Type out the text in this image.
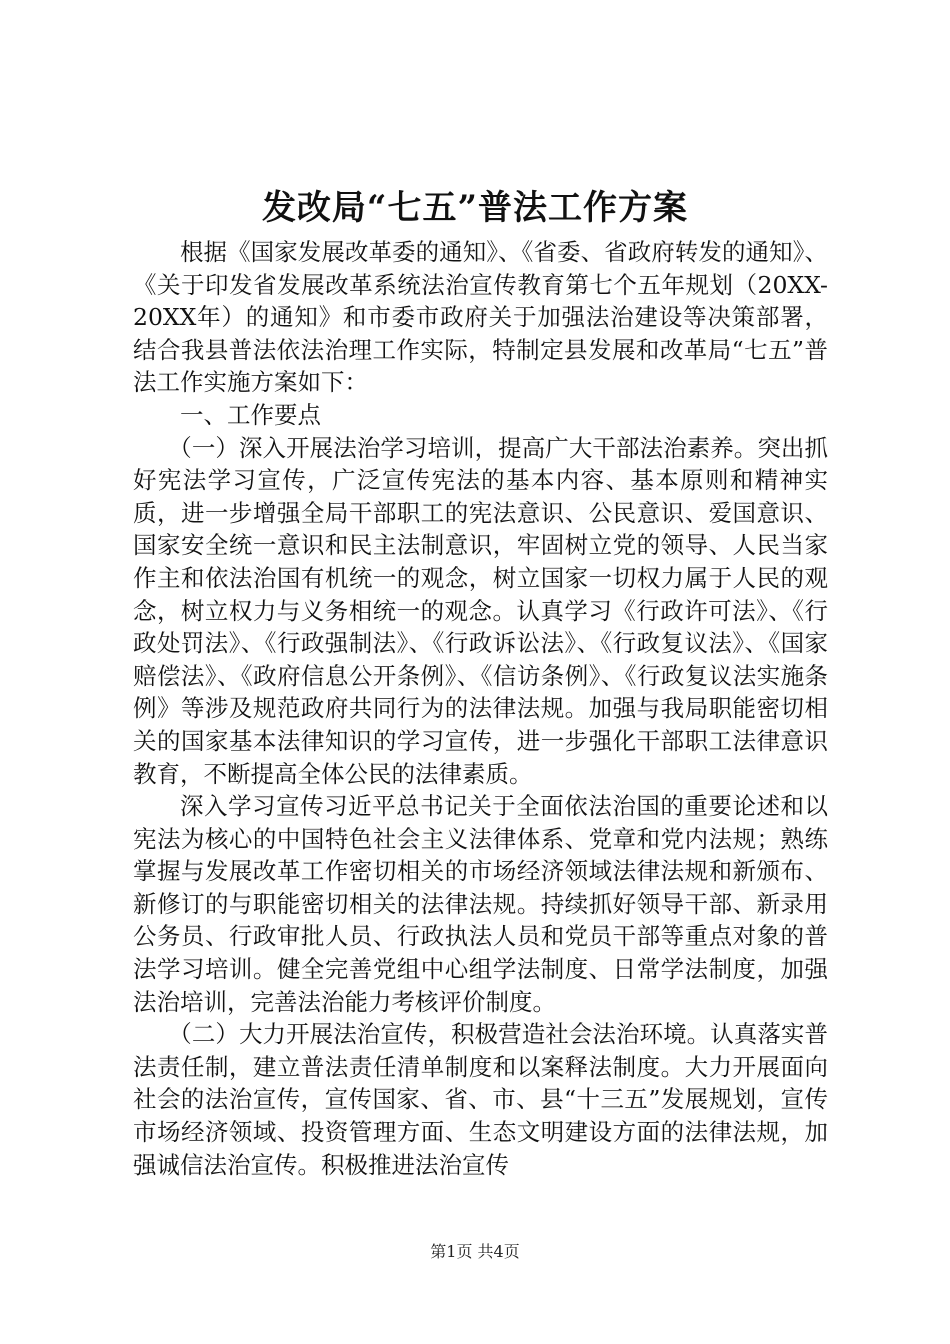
发改局“七五”普法工作方案

根据《国家发展改革委的通知》、《省委、省政府转发的通知》、《关于印发省发展改革系统法治宣传教育第七个五年规划（20XX-20XX年）的通知》和市委市政府关于加强法治建设等决策部署，结合我县普法依法治理工作实际，特制定县发展和改革局“七五”普法工作实施方案如下：

一、工作要点

（一）深入开展法治学习培训，提高广大干部法治素养。突出抓好宪法学习宣传，广泛宣传宪法的基本内容、基本原则和精神实质，进一步增强全局干部职工的宪法意识、公民意识、爱国意识、国家安全统一意识和民主法制意识，牢固树立党的领导、人民当家作主和依法治国有机统一的观念，树立国家一切权力属于人民的观念，树立权力与义务相统一的观念。认真学习《行政许可法》、《行政处罚法》、《行政强制法》、《行政诉讼法》、《行政复议法》、《国家赔偿法》、《政府信息公开条例》、《信访条例》、《行政复议法实施条例》等涉及规范政府共同行为的法律法规。加强与我局职能密切相关的国家基本法律知识的学习宣传，进一步强化干部职工法律意识教育，不断提高全体公民的法律素质。

深入学习宣传习近平总书记关于全面依法治国的重要论述和以宪法为核心的中国特色社会主义法律体系、党章和党内法规；熟练掌握与发展改革工作密切相关的市场经济领域法律法规和新颁布、新修订的与职能密切相关的法律法规。持续抓好领导干部、新录用公务员、行政审批人员、行政执法人员和党员干部等重点对象的普法学习培训。健全完善党组中心组学法制度、日常学法制度，加强法治培训，完善法治能力考核评价制度。

（二）大力开展法治宣传，积极营造社会法治环境。认真落实普法责任制，建立普法责任清单制度和以案释法制度。大力开展面向社会的法治宣传，宣传国家、省、市、县“十三五”发展规划，宣传市场经济领域、投资管理方面、生态文明建设方面的法律法规，加强诚信法治宣传。积极推进法治宣传

第1页 共4页
